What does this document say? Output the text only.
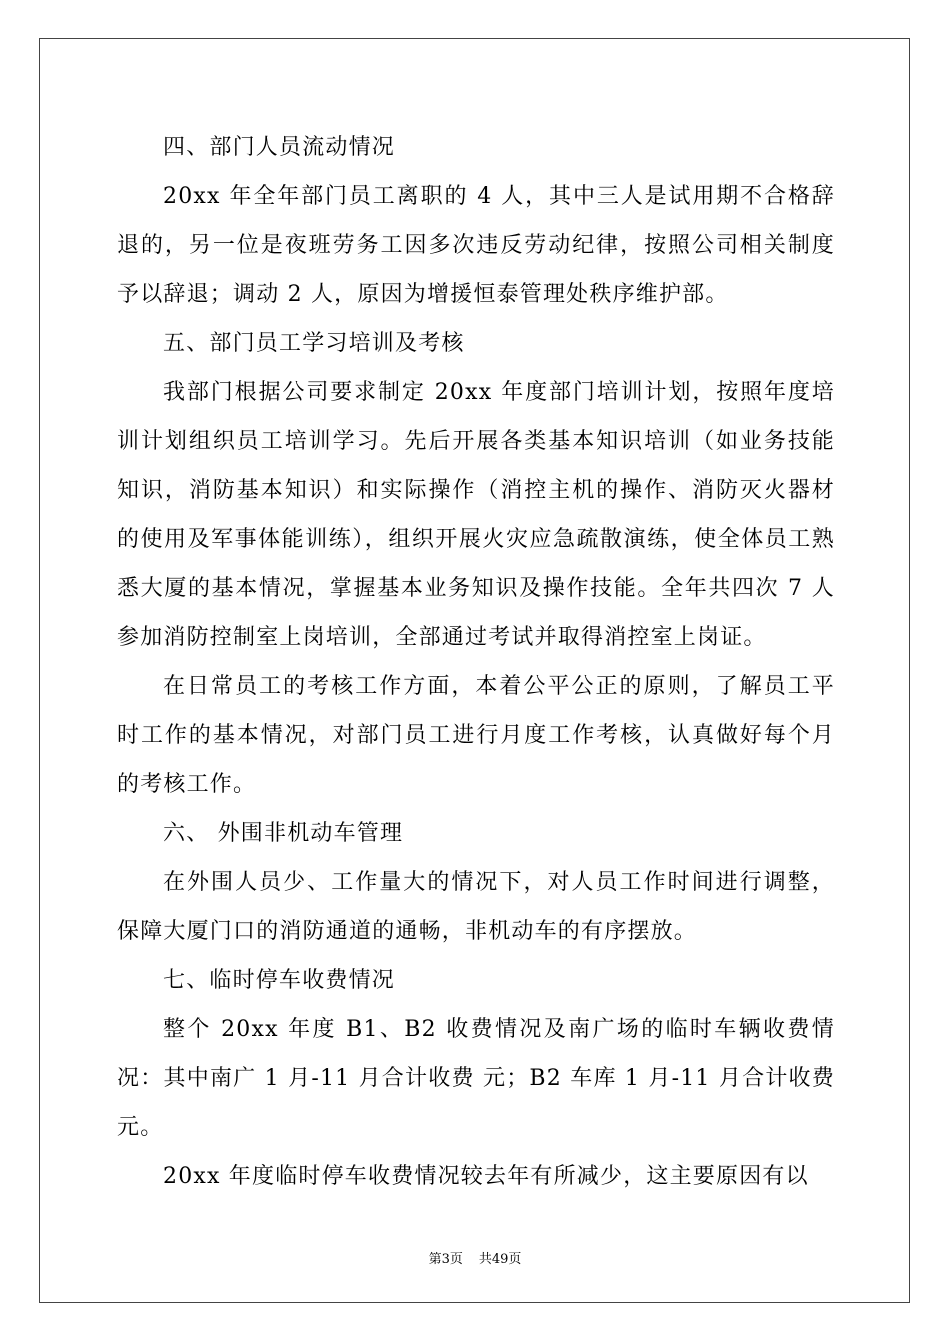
四、部门人员流动情况

20xx 年全年部门员工离职的 4 人，其中三人是试用期不合格辞退的，另一位是夜班劳务工因多次违反劳动纪律，按照公司相关制度予以辞退；调动 2 人，原因为增援恒泰管理处秩序维护部。

五、部门员工学习培训及考核

我部门根据公司要求制定 20xx 年度部门培训计划，按照年度培训计划组织员工培训学习。先后开展各类基本知识培训（如业务技能知识，消防基本知识）和实际操作（消控主机的操作、消防灭火器材的使用及军事体能训练），组织开展火灾应急疏散演练，使全体员工熟悉大厦的基本情况，掌握基本业务知识及操作技能。全年共四次 7 人参加消防控制室上岗培训，全部通过考试并取得消控室上岗证。

在日常员工的考核工作方面，本着公平公正的原则，了解员工平时工作的基本情况，对部门员工进行月度工作考核，认真做好每个月的考核工作。

六、 外围非机动车管理

在外围人员少、工作量大的情况下，对人员工作时间进行调整，保障大厦门口的消防通道的通畅，非机动车的有序摆放。

七、临时停车收费情况

整个 20xx 年度 B1、B2 收费情况及南广场的临时车辆收费情况：其中南广 1 月-11 月合计收费 元；B2 车库 1 月-11 月合计收费 元。

20xx 年度临时停车收费情况较去年有所减少，这主要原因有以

第3页 共49页
